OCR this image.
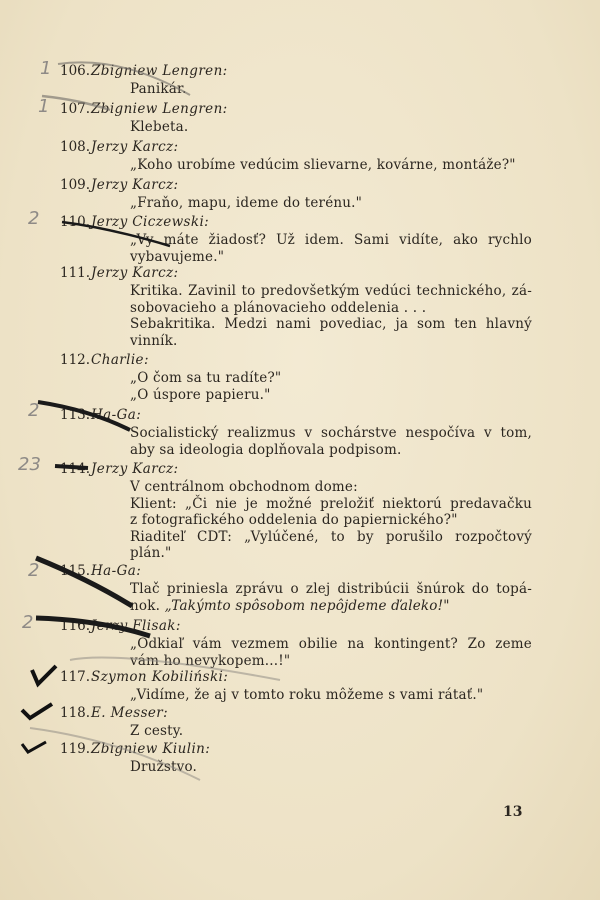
106.Zbigniew Lengren:
Panikár.
107.Zbigniew Lengren:
Klebeta.
108.Jerzy Karcz:
„Koho urobíme vedúcim slievarne, kovárne, montáže?"
109.Jerzy Karcz:
„Fraňo, mapu, ideme do terénu."
110.Jerzy Ciczewski:
„Vy máte žiadosť? Už idem. Sami vidíte, ako rychlo
vybavujeme."
111.Jerzy Karcz:
Kritika. Zavinil to predovšetkým vedúci technického, zá-
sobovacieho a plánovacieho oddelenia . . .
Sebakritika. Medzi nami povediac, ja som ten hlavný
vinník.
112.Charlie:
„O čom sa tu radíte?"
„O úspore papieru."
113.Ha-Ga:
Socialistický realizmus v sochárstve nespočíva v tom,
aby sa ideologia doplňovala podpisom.
114.Jerzy Karcz:
V centrálnom obchodnom dome:
Klient: „Či nie je možné preložiť niektorú predavačku
z fotografického oddelenia do papiernického?"
Riaditeľ CDT: „Vylúčené, to by porušilo rozpočtový
plán."
115.Ha-Ga:
Tlač priniesla zprávu o zlej distribúcii šnúrok do topá-
nok. „Takýmto spôsobom nepôjdeme ďaleko!"
116.Jerzy Flisak:
„Odkiaľ vám vezmem obilie na kontingent? Zo zeme
vám ho nevykopem...!"
117.Szymon Kobiliński:
„Vidíme, že aj v tomto roku môžeme s vami rátať."
118.E. Messer:
Z cesty.
119.Zbigniew Kiulin:
Družstvo.
1
1
2
2
23
2
2
13
